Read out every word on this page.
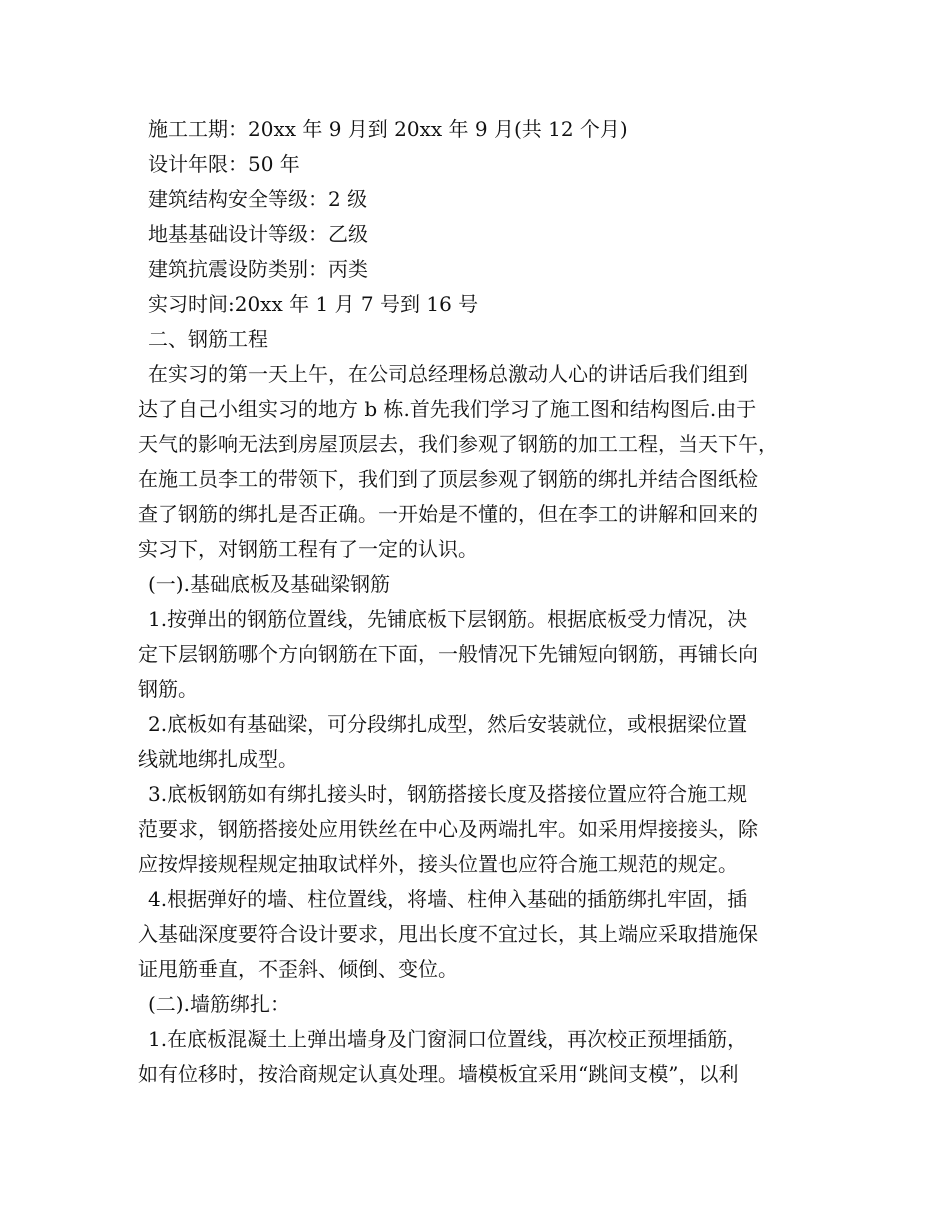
施工工期：20xx 年 9 月到 20xx 年 9 月(共 12 个月)
设计年限：50 年
建筑结构安全等级：2 级
地基基础设计等级：乙级
建筑抗震设防类别：丙类
实习时间:20xx 年 1 月 7 号到 16 号
二、钢筋工程
在实习的第一天上午，在公司总经理杨总激动人心的讲话后我们组到
达了自己小组实习的地方 b 栋.首先我们学习了施工图和结构图后.由于
天气的影响无法到房屋顶层去，我们参观了钢筋的加工工程，当天下午，
在施工员李工的带领下，我们到了顶层参观了钢筋的绑扎并结合图纸检
查了钢筋的绑扎是否正确。一开始是不懂的，但在李工的讲解和回来的
实习下，对钢筋工程有了一定的认识。
(一).基础底板及基础梁钢筋
1.按弹出的钢筋位置线，先铺底板下层钢筋。根据底板受力情况，决
定下层钢筋哪个方向钢筋在下面，一般情况下先铺短向钢筋，再铺长向
钢筋。
2.底板如有基础梁，可分段绑扎成型，然后安装就位，或根据梁位置
线就地绑扎成型。
3.底板钢筋如有绑扎接头时，钢筋搭接长度及搭接位置应符合施工规
范要求，钢筋搭接处应用铁丝在中心及两端扎牢。如采用焊接接头，除
应按焊接规程规定抽取试样外，接头位置也应符合施工规范的规定。
4.根据弹好的墙、柱位置线，将墙、柱伸入基础的插筋绑扎牢固，插
入基础深度要符合设计要求，甩出长度不宜过长，其上端应采取措施保
证甩筋垂直，不歪斜、倾倒、变位。
(二).墙筋绑扎：
1.在底板混凝土上弹出墙身及门窗洞口位置线，再次校正预埋插筋，
如有位移时，按洽商规定认真处理。墙模板宜采用“跳间支模”，以利
